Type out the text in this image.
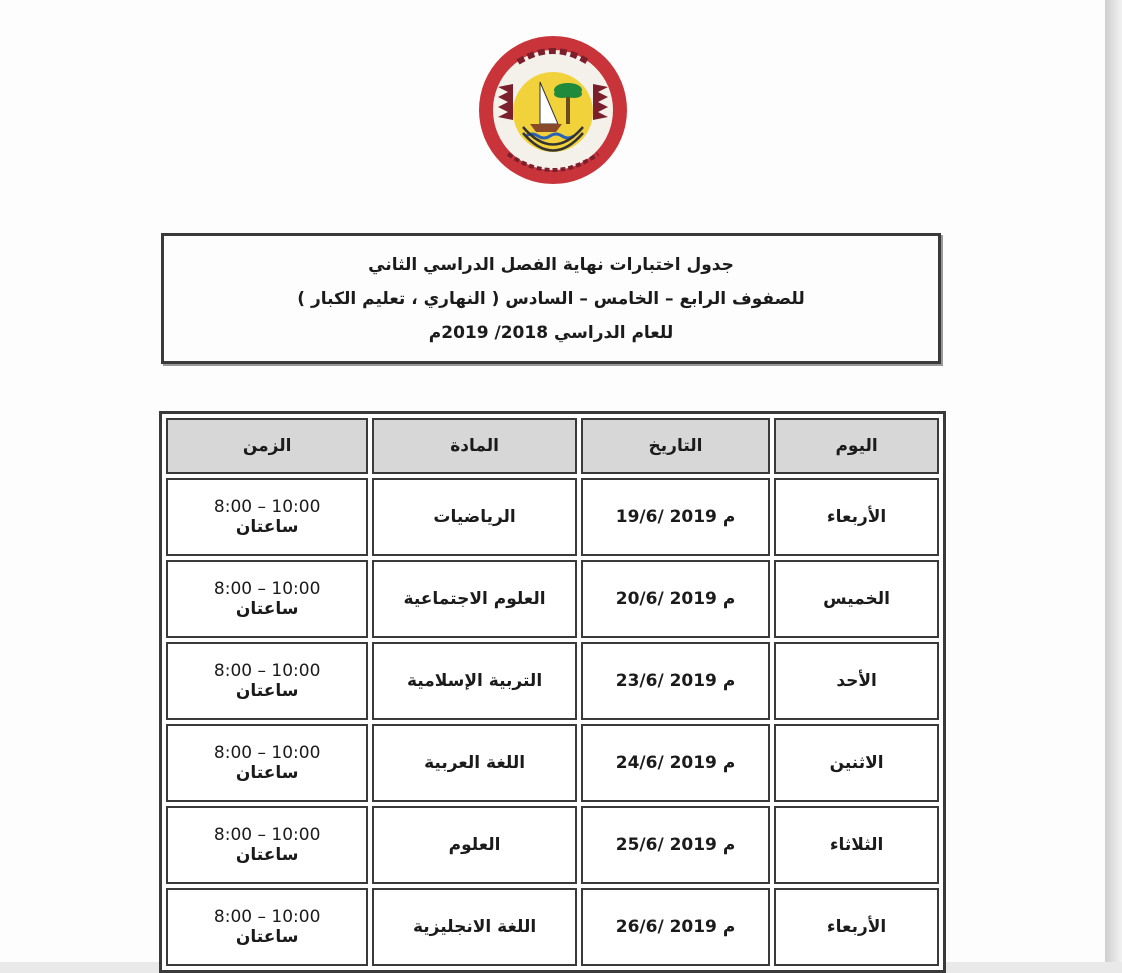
جدول اختبارات نهاية الفصل الدراسي الثاني
للصفوف الرابع – الخامس – السادس ( النهاري ، تعليم الكبار )
للعام الدراسي 2018/ 2019م
اليوم	التاريخ	المادة	الزمن
الأربعاء	19/6/ 2019 م	الرياضيات	8:00 – 10:00
ساعتان

الخميس	20/6/ 2019 م	العلوم الاجتماعية	8:00 – 10:00
ساعتان

الأحد	23/6/ 2019 م	التربية الإسلامية	8:00 – 10:00
ساعتان

الاثنين	24/6/ 2019 م	اللغة العربية	8:00 – 10:00
ساعتان

الثلاثاء	25/6/ 2019 م	العلوم	8:00 – 10:00
ساعتان

الأربعاء	26/6/ 2019 م	اللغة الانجليزية	8:00 – 10:00
ساعتان
